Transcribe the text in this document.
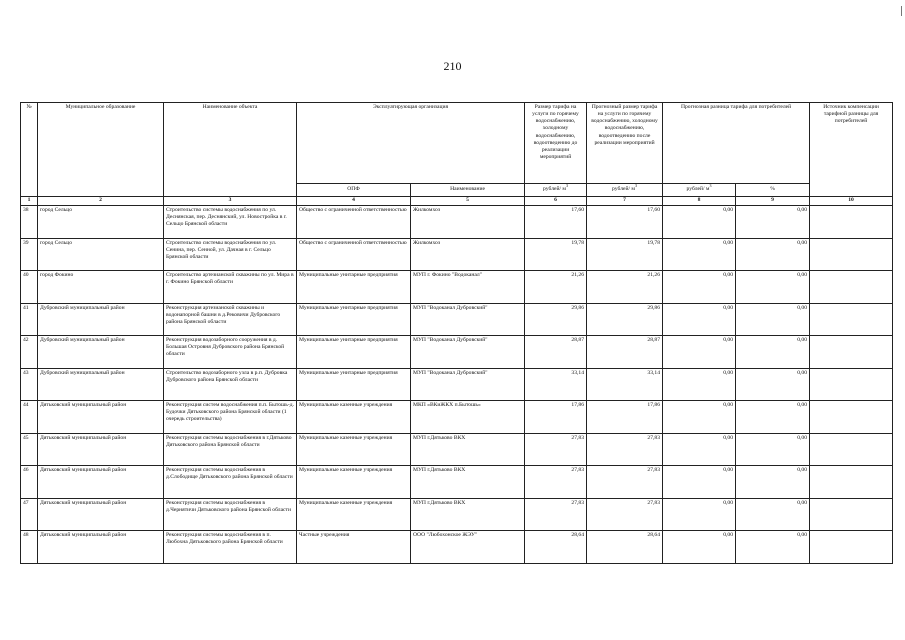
210
№	Муниципальное образование	Наименование объекта	Эксплуатирующая организация		Размер тарифа на услуги по горячему водоснабжению, холодному водоснабжению, водоотведению до реализации мероприятий	Прогнозный размер тарифа на услуги по горячему водоснабжению, холодному водоснабжению, водоотведению после реализации мероприятий	Прогнозная разница тарифа для потребителей		Источник компенсации тарифной разницы для потребителей
			ОПФ	Наименование	рублей/ $м^3$	рублей/ $м^3$	рублей/ $м^3$	%	
1	2	3	4	5	6	7	8	9	10
38	город Сельцо	Строительство системы водоснабжения по ул. Деснянская, пер. Деснянский, ул. Новостройка в г. Сельцо Брянской области	Общество с ограниченной ответственностью	Жилкомхоз	17,60	17,60	0,00	0,00	
39	город Сельцо	Строительство системы водоснабжения по ул. Сенина, пер. Сенной, ул. Дачная в г. Сельцо Брянской области	Общество с ограниченной ответственностью	Жилкомхоз	19,78	19,78	0,00	0,00	
40	город Фокино	Строительство артезианской скважины по ул. Мира в г. Фокино Брянской области	Муниципальные унитарные предприятия	МУП г. Фокино "Водоканал"	21,26	21,26	0,00	0,00	
41	Дубровский муниципальный район	Реконструкция артезианской скважины и водонапорной башни в д.Рековичи Дубровского района Брянской области	Муниципальные унитарные предприятия	МУП "Водоканал Дубровский"	29,86	29,86	0,00	0,00	
42	Дубровский муниципальный район	Реконструкция водозаборного сооружения в д. Большая Островня Дубровского района Брянской области	Муниципальные унитарные предприятия	МУП "Водоканал Дубровский"	28,87	28,87	0,00	0,00	
43	Дубровский муниципальный район	Строительство водозаборного узла в р.п. Дубровка Дубровского района Брянской области	Муниципальные унитарные предприятия	МУП "Водоканал Дубровский"	33,14	33,14	0,00	0,00	
44	Дятьковский муниципальный район	Реконструкция систем водоснабжения п.п. Бытошь-д. Будочки Дятьковского района Брянской области (1 очередь строительства)	Муниципальные казенные учреждения	МКП «ВКиЖКХ п.Бытошь»	17,86	17,86	0,00	0,00	
45	Дятьковский муниципальный район	Реконструкция системы водоснабжения в г.Дятьково Дятьковского района Брянской области	Муниципальные казенные учреждения	МУП г.Дятьково ВКХ	27,83	27,83	0,00	0,00	
46	Дятьковский муниципальный район	Реконструкция системы водоснабжения в д.Слободище Дятьковского района Брянской области	Муниципальные казенные учреждения	МУП г.Дятьково ВКХ	27,83	27,83	0,00	0,00	
47	Дятьковский муниципальный район	Реконструкция системы водоснабжения в д.Чернятичи Дятьковского района Брянской области	Муниципальные казенные учреждения	МУП г.Дятьково ВКХ	27,83	27,83	0,00	0,00	
48	Дятьковский муниципальный район	Реконструкция системы водоснабжения в п. Любохна Дятьковского района Брянской области	Частные учреждения	ООО "Любохонское ЖЭУ"	28,64	28,64	0,00	0,00	
